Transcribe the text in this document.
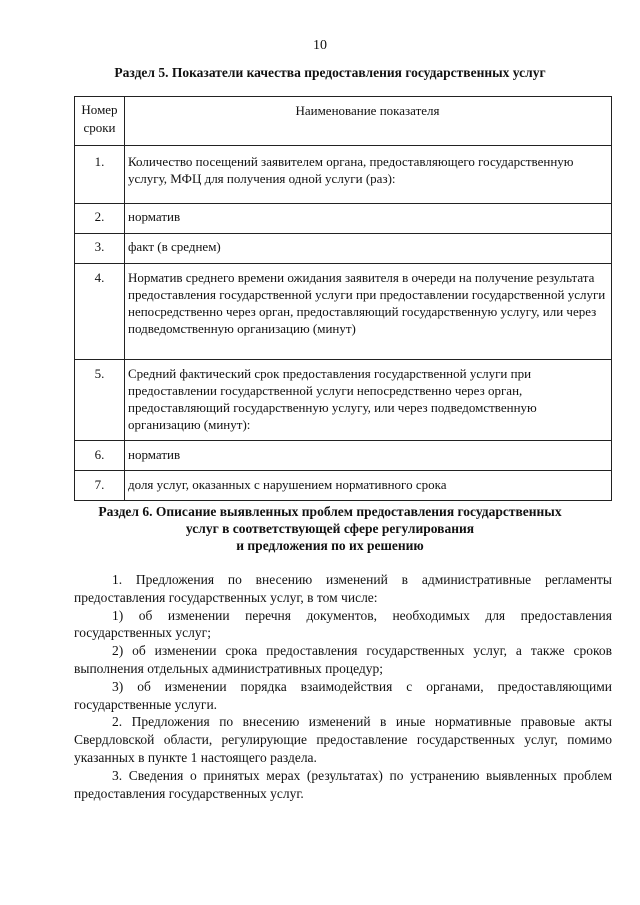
10
Раздел 5. Показатели качества предоставления государственных услуг
Номер
сроки	Наименование показателя
1.	Количество посещений заявителем органа, предоставляющего государственную услугу, МФЦ для получения одной услуги (раз):
2.	норматив
3.	факт (в среднем)
4.	Норматив среднего времени ожидания заявителя в очереди на получение результата предоставления государственной услуги при предоставлении государственной услуги непосредственно через орган, предоставляющий государственную услугу, или через подведомственную организацию (минут)
5.	Средний фактический срок предоставления государственной услуги при предоставлении государственной услуги непосредственно через орган, предоставляющий государственную услугу, или через подведомственную организацию (минут):
6.	норматив
7.	доля услуг, оказанных с нарушением нормативного срока
Раздел 6. Описание выявленных проблем предоставления государственных
услуг в соответствующей сфере регулирования
и предложения по их решению

1. Предложения по внесению изменений в административные регламенты предоставления государственных услуг, в том числе:

1) об изменении перечня документов, необходимых для предоставления государственных услуг;

2) об изменении срока предоставления государственных услуг, а также сроков выполнения отдельных административных процедур;

3) об изменении порядка взаимодействия с органами, предоставляющими государственные услуги.

2. Предложения по внесению изменений в иные нормативные правовые акты Свердловской области, регулирующие предоставление государственных услуг, помимо указанных в пункте 1 настоящего раздела.

3. Сведения о принятых мерах (результатах) по устранению выявленных проблем предоставления государственных услуг.
